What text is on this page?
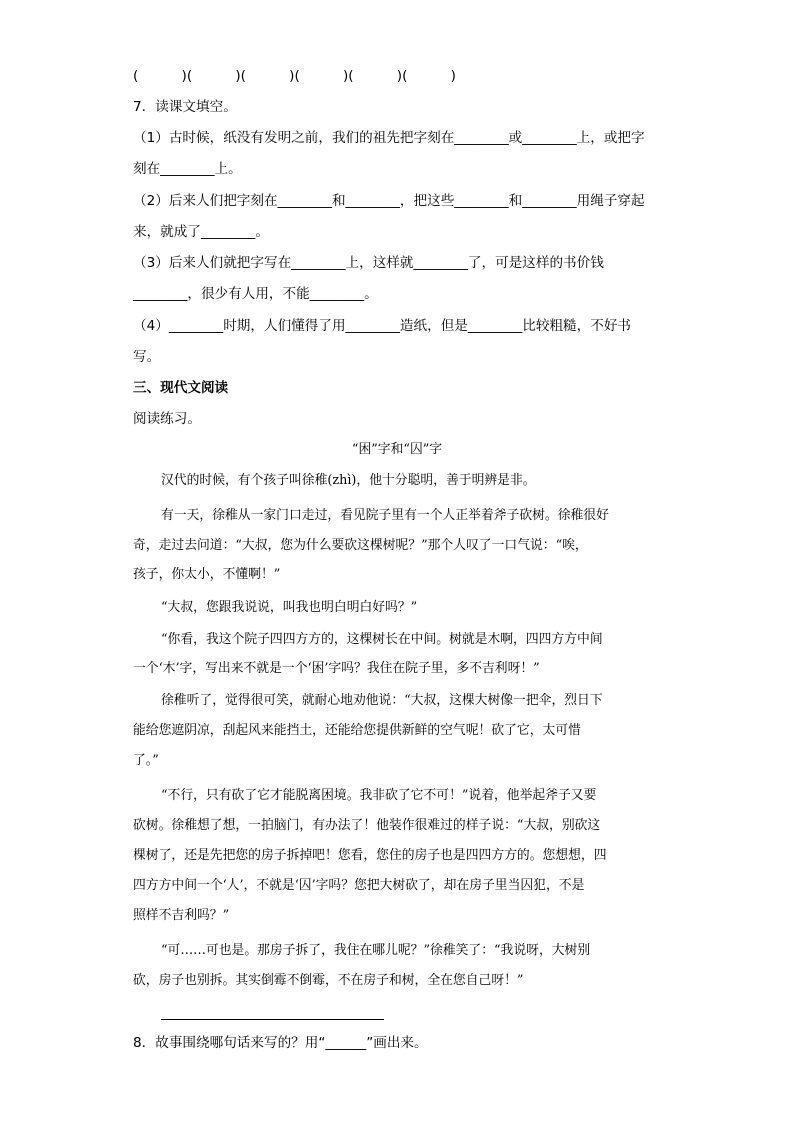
(          )(          )(          )(          )(          )(          )
7．读课文填空。
（1）古时候，纸没有发明之前，我们的祖先把字刻在________或________上，或把字
刻在________上。
（2）后来人们把字刻在________和________，把这些________和________用绳子穿起
来，就成了________。
（3）后来人们就把字写在________上，这样就________了，可是这样的书价钱
________，很少有人用，不能________。
（4）________时期，人们懂得了用________造纸，但是________比较粗糙，不好书
写。
三、现代文阅读
阅读练习。
“困”字和“囚”字
汉代的时候，有个孩子叫徐稚(zhì)，他十分聪明，善于明辨是非。
有一天，徐稚从一家门口走过，看见院子里有一个人正举着斧子砍树。徐稚很好
奇，走过去问道：“大叔，您为什么要砍这棵树呢？”那个人叹了一口气说：“唉，
孩子，你太小，不懂啊！”
“大叔，您跟我说说，叫我也明白明白好吗？”
“你看，我这个院子四四方方的，这棵树长在中间。树就是木啊，四四方方中间
一个‘木’字，写出来不就是一个‘困’字吗？我住在院子里，多不吉利呀！”
徐稚听了，觉得很可笑，就耐心地劝他说：“大叔，这棵大树像一把伞，烈日下
能给您遮阴凉，刮起风来能挡土，还能给您提供新鲜的空气呢！砍了它，太可惜
了。”
“不行，只有砍了它才能脱离困境。我非砍了它不可！”说着，他举起斧子又要
砍树。徐稚想了想，一拍脑门，有办法了！他装作很难过的样子说：“大叔，别砍这
棵树了，还是先把您的房子拆掉吧！您看，您住的房子也是四四方方的。您想想，四
四方方中间一个‘人’，不就是‘囚’字吗？您把大树砍了，却在房子里当囚犯，不是
照样不吉利吗？”
“可……可也是。那房子拆了，我住在哪儿呢？”徐稚笑了：“我说呀，大树别
砍，房子也别拆。其实倒霉不倒霉，不在房子和树，全在您自己呀！”
8．故事围绕哪句话来写的？用“______”画出来。
